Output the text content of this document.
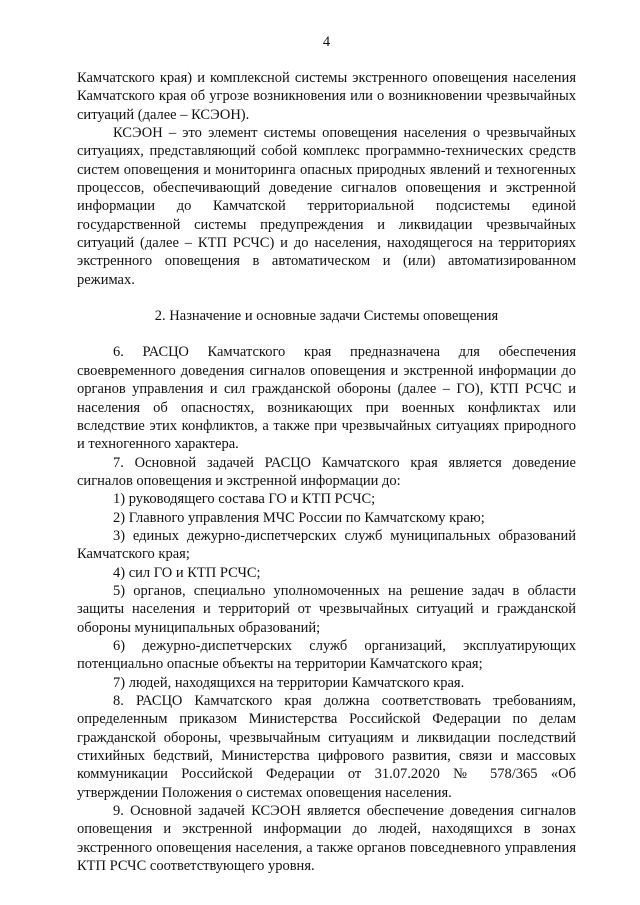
4

Камчатского края) и комплексной системы экстренного оповещения населения Камчатского края об угрозе возникновения или о возникновении чрезвычайных ситуаций (далее – КСЭОН).

КСЭОН – это элемент системы оповещения населения о чрезвычайных ситуациях, представляющий собой комплекс программно-технических средств систем оповещения и мониторинга опасных природных явлений и техногенных процессов, обеспечивающий доведение сигналов оповещения и экстренной информации до Камчатской территориальной подсистемы единой государственной системы предупреждения и ликвидации чрезвычайных ситуаций (далее – КТП РСЧС) и до населения, находящегося на территориях экстренного оповещения в автоматическом и (или) автоматизированном режимах.

2. Назначение и основные задачи Системы оповещения

6. РАСЦО Камчатского края предназначена для обеспечения своевременного доведения сигналов оповещения и экстренной информации до органов управления и сил гражданской обороны (далее – ГО), КТП РСЧС и населения об опасностях, возникающих при военных конфликтах или вследствие этих конфликтов, а также при чрезвычайных ситуациях природного и техногенного характера.

7. Основной задачей РАСЦО Камчатского края является доведение сигналов оповещения и экстренной информации до:

1) руководящего состава ГО и КТП РСЧС;

2) Главного управления МЧС России по Камчатскому краю;

3) единых дежурно-диспетчерских служб муниципальных образований Камчатского края;

4) сил ГО и КТП РСЧС;

5) органов, специально уполномоченных на решение задач в области защиты населения и территорий от чрезвычайных ситуаций и гражданской обороны муниципальных образований;

6) дежурно-диспетчерских служб организаций, эксплуатирующих потенциально опасные объекты на территории Камчатского края;

7) людей, находящихся на территории Камчатского края.

8. РАСЦО Камчатского края должна соответствовать требованиям, определенным приказом Министерства Российской Федерации по делам гражданской обороны, чрезвычайным ситуациям и ликвидации последствий стихийных бедствий, Министерства цифрового развития, связи и массовых коммуникации Российской Федерации от 31.07.2020 № 578/365 «Об утверждении Положения о системах оповещения населения.

9. Основной задачей КСЭОН является обеспечение доведения сигналов оповещения и экстренной информации до людей, находящихся в зонах экстренного оповещения населения, а также органов повседневного управления КТП РСЧС соответствующего уровня.
